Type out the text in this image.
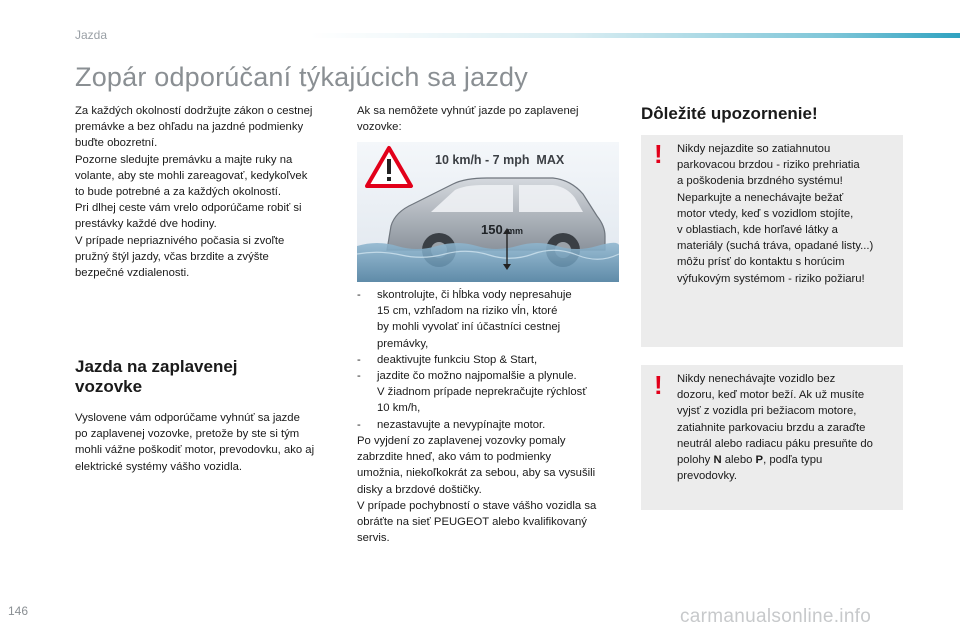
Jazda
Zopár odporúčaní týkajúcich sa jazdy

Za každých okolností dodržujte zákon o cestnej

premávke a bez ohľadu na jazdné podmienky

buďte obozretní.

Pozorne sledujte premávku a majte ruky na

volante, aby ste mohli zareagovať, kedykoľvek

to bude potrebné a za každých okolností.

Pri dlhej ceste vám vrelo odporúčame robiť si

prestávky každé dve hodiny.

V prípade nepriaznivého počasia si zvoľte

pružný štýl jazdy, včas brzdite a zvýšte

bezpečné vzdialenosti.

Jazda na zaplavenej
vozovke

Vyslovene vám odporúčame vyhnúť sa jazde

po zaplavenej vozovke, pretože by ste si tým

mohli vážne poškodiť motor, prevodovku, ako aj

elektrické systémy vášho vozidla.

Ak sa nemôžete vyhnúť jazde po zaplavenej

vozovke:

10 km/h - 7 mph  MAX
150 mm
-	skontrolujte, či hĺbka vody nepresahuje
15 cm, vzhľadom na riziko vĺn, ktoré
by mohli vyvolať iní účastníci cestnej
premávky,
-	deaktivujte funkciu Stop & Start,
-	jazdite čo možno najpomalšie a plynule.
V žiadnom prípade neprekračujte rýchlosť
10 km/h,
-	nezastavujte a nevypínajte motor.

Po vyjdení zo zaplavenej vozovky pomaly

zabrzdite hneď, ako vám to podmienky

umožnia, niekoľkokrát za sebou, aby sa vysušili

disky a brzdové doštičky.

V prípade pochybností o stave vášho vozidla sa

obráťte na sieť PEUGEOT alebo kvalifikovaný

servis.

Dôležité upozornenie!
! Nikdy nejazdite so zatiahnutou
parkovacou brzdou - riziko prehriatia
a poškodenia brzdného systému!
Neparkujte a nenechávajte bežať
motor vtedy, keď s vozidlom stojíte,
v oblastiach, kde horľavé látky a
materiály (suchá tráva, opadané listy...)
môžu prísť do kontaktu s horúcim
výfukovým systémom - riziko požiaru!
! Nikdy nenechávajte vozidlo bez
dozoru, keď motor beží. Ak už musíte
vyjsť z vozidla pri bežiacom motore,
zatiahnite parkovaciu brzdu a zaraďte
neutrál alebo radiacu páku presuňte do
polohy N alebo P, podľa typu
prevodovky.
146	carmanualsonline.info
